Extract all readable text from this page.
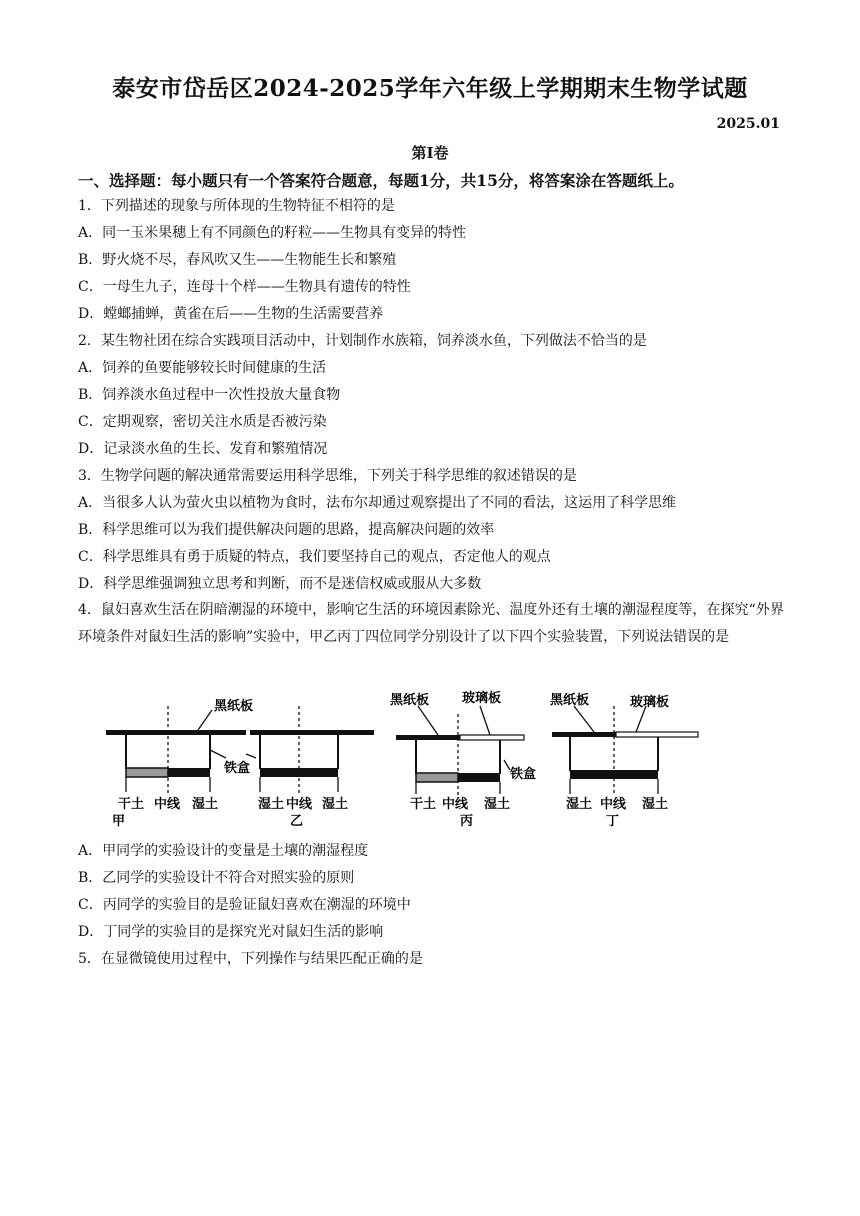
泰安市岱岳区2024-2025学年六年级上学期期末生物学试题
2025.01
第I卷
一、选择题：每小题只有一个答案符合题意，每题1分，共15分，将答案涂在答题纸上。
1．下列描述的现象与所体现的生物特征不相符的是
A．同一玉米果穗上有不同颜色的籽粒——生物具有变异的特性
B．野火烧不尽，春风吹又生——生物能生长和繁殖
C．一母生九子，连母十个样——生物具有遗传的特性
D．螳螂捕蝉，黄雀在后——生物的生活需要营养
2．某生物社团在综合实践项目活动中，计划制作水族箱，饲养淡水鱼，下列做法不恰当的是
A．饲养的鱼要能够较长时间健康的生活
B．饲养淡水鱼过程中一次性投放大量食物
C．定期观察，密切关注水质是否被污染
D．记录淡水鱼的生长、发育和繁殖情况
3．生物学问题的解决通常需要运用科学思维，下列关于科学思维的叙述错误的是
A．当很多人认为萤火虫以植物为食时，法布尔却通过观察提出了不同的看法，这运用了科学思维
B．科学思维可以为我们提供解决问题的思路，提高解决问题的效率
C．科学思维具有勇于质疑的特点，我们要坚持自己的观点，否定他人的观点
D．科学思维强调独立思考和判断，而不是迷信权威或服从大多数
4．鼠妇喜欢生活在阴暗潮湿的环境中，影响它生活的环境因素除光、温度外还有土壤的潮湿程度等，在探究“外界环境条件对鼠妇生活的影响”实验中，甲乙丙丁四位同学分别设计了以下四个实验装置，下列说法错误的是
黑纸板
干土 中线 湿土
甲
铁盒
湿土 中线 湿土
乙
黑纸板	玻璃板
铁盒
干土 中线 湿土
丙
黑纸板	玻璃板
湿土 中线 湿土
丁
A．甲同学的实验设计的变量是土壤的潮湿程度
B．乙同学的实验设计不符合对照实验的原则
C．丙同学的实验目的是验证鼠妇喜欢在潮湿的环境中
D．丁同学的实验目的是探究光对鼠妇生活的影响
5．在显微镜使用过程中，下列操作与结果匹配正确的是
